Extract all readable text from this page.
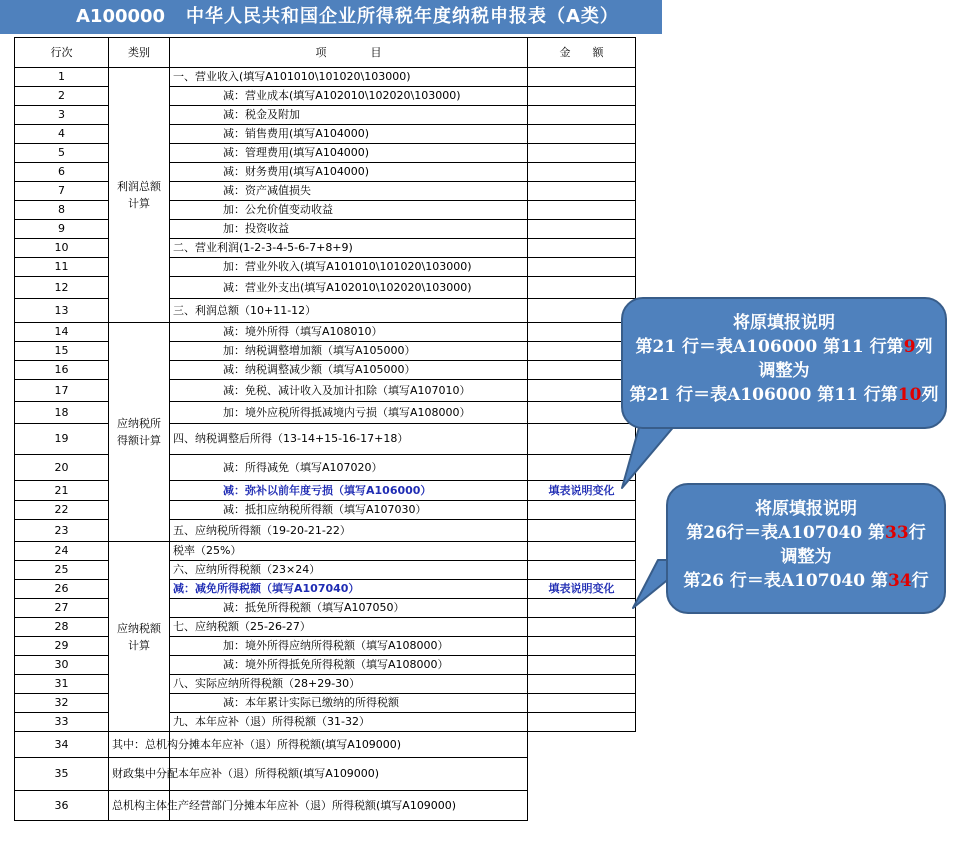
A100000 中华人民共和国企业所得税年度纳税申报表（A类）
行次	类别	项　　　　目	金　　额
1	利润总额计算	一、营业收入(填写A101010\101020\103000)	
2		减：营业成本(填写A102010\102020\103000)	
3		减：税金及附加	
4		减：销售费用(填写A104000)	
5		减：管理费用(填写A104000)	
6		减：财务费用(填写A104000)	
7		减：资产减值损失	
8		加：公允价值变动收益	
9		加：投资收益	
10		二、营业利润(1-2-3-4-5-6-7+8+9)	
11		加：营业外收入(填写A101010\101020\103000)	
12		减：营业外支出(填写A102010\102020\103000)	
13		三、利润总额（10+11-12）	
14	应纳税所得额计算	减：境外所得（填写A108010）	
15		加：纳税调整增加额（填写A105000）	
16		减：纳税调整减少额（填写A105000）	
17		减：免税、减计收入及加计扣除（填写A107010）	
18		加：境外应税所得抵减境内亏损（填写A108000）	
19		四、纳税调整后所得（13-14+15-16-17+18）	
20		减：所得减免（填写A107020）	
21		减：弥补以前年度亏损（填写A106000）	填表说明变化
22		减：抵扣应纳税所得额（填写A107030）	
23		五、应纳税所得额（19-20-21-22）	
24	应纳税额计算	税率（25%）	
25		六、应纳所得税额（23×24）	
26		减：减免所得税额（填写A107040）	填表说明变化
27		减：抵免所得税额（填写A107050）	
28		七、应纳税额（25-26-27）	
29		加：境外所得应纳所得税额（填写A108000）	
30		减：境外所得抵免所得税额（填写A108000）	
31		八、实际应纳所得税额（28+29-30）	
32		减：本年累计实际已缴纳的所得税额	
33		九、本年应补（退）所得税额（31-32）	
34	其中：总机构分摊本年应补（退）所得税额(填写A109000)		
35	财政集中分配本年应补（退）所得税额(填写A109000)		
36	总机构主体生产经营部门分摊本年应补（退）所得税额(填写A109000)		
将原填报说明
第21 行＝表A106000 第11 行第9列
调整为
第21 行＝表A106000 第11 行第10列
将原填报说明
第26行＝表A107040 第33行
调整为
第26 行＝表A107040 第34行
